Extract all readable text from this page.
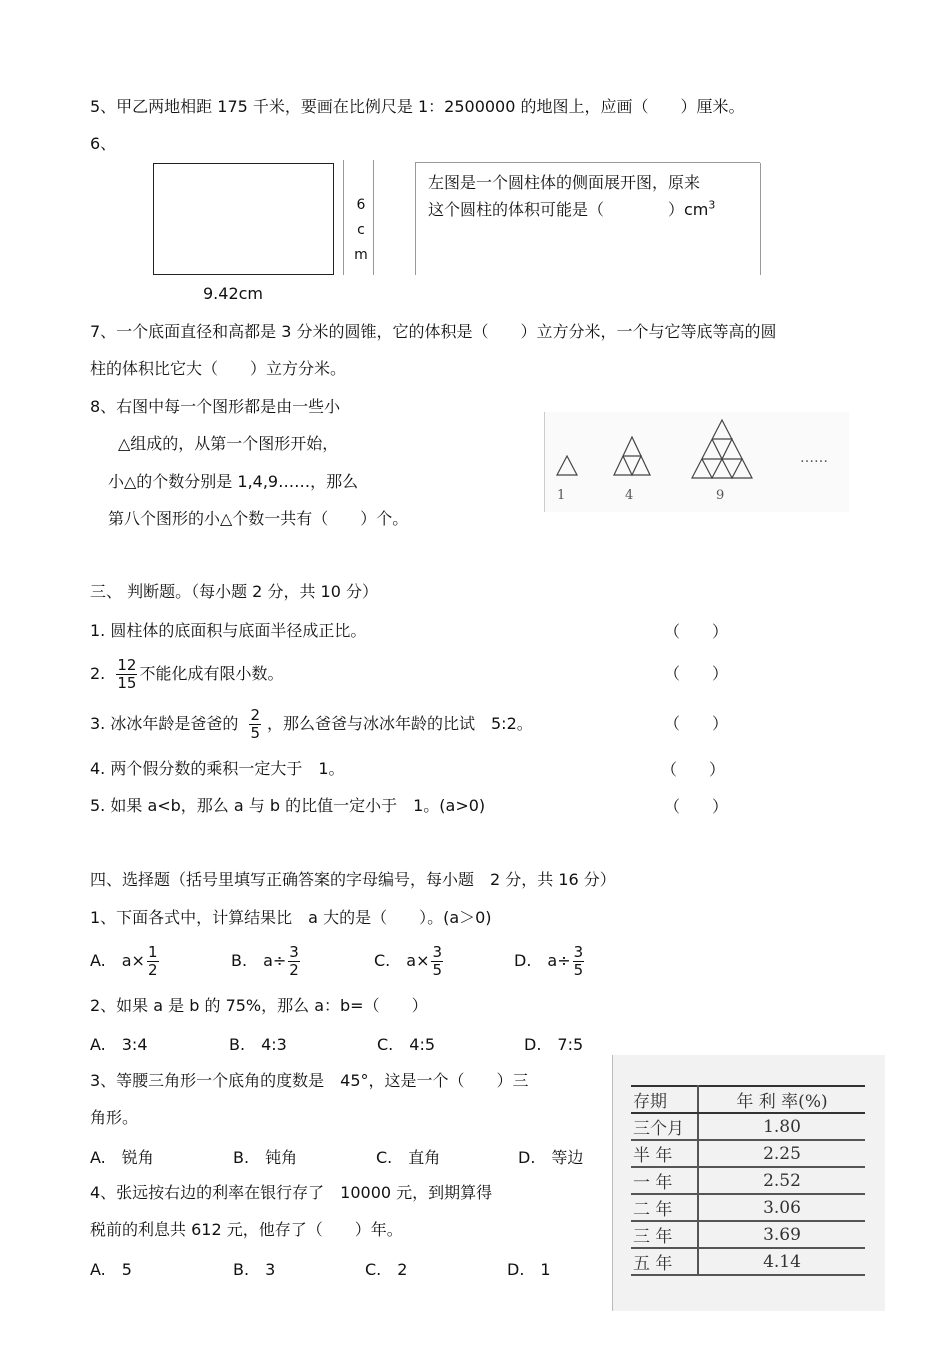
5、甲乙两地相距 175 千米，要画在比例尺是 1：2500000 的地图上，应画（　　）厘米。
6、
6
c
m
9.42cm
左图是一个圆柱体的侧面展开图，原来
这个圆柱的体积可能是（　　　　）$cm^3$
7、一个底面直径和高都是 3 分米的圆锥，它的体积是（　　）立方分米，一个与它等底等高的圆
柱的体积比它大（　　）立方分米。
8、右图中每一个图形都是由一些小
△组成的，从第一个图形开始，
小△的个数分别是 1,4,9……，那么
第八个图形的小△个数一共有（　　）个。
1	4	9
……
三、 判断题。（每小题 2 分，共 10 分）
1. 圆柱体的底面积与底面半径成正比。	（　　）
2. $\frac{12}{15}$ 不能化成有限小数。	（　　）
3. 冰冰年龄是爸爸的 $\frac{2}{5}$ ，那么爸爸与冰冰年龄的比试　5:2。	（　　）
4. 两个假分数的乘积一定大于　1。	（　　）
5. 如果 a<b，那么 a 与 b 的比值一定小于　1。(a>0)	（　　）
四、选择题（括号里填写正确答案的字母编号，每小题　2 分，共 16 分）
1、下面各式中，计算结果比　a 大的是（　　）。(a＞0)
A.　$a\times \frac{1}{2}$	B.　$a\div \frac{3}{2}$	C.　$a\times \frac{3}{5}$	D.　$a\div \frac{3}{5}$
2、如果 a 是 b 的 75%，那么 a：b=（　　）
A.　3:4	B.　4:3	C.　4:5	D.　7:5
3、等腰三角形一个底角的度数是　45°，这是一个（　　）三
角形。
A.　锐角	B.　钝角	C.　直角	D.　等边
4、张远按右边的利率在银行存了　10000 元，到期算得
税前的利息共 612 元，他存了（　　）年。
A.　5	B.　3	C.　2	D.　1
存期	年 利 率(%)
三个月	1.80
半 年	2.25
一 年	2.52
二 年	3.06
三 年	3.69
五 年	4.14
